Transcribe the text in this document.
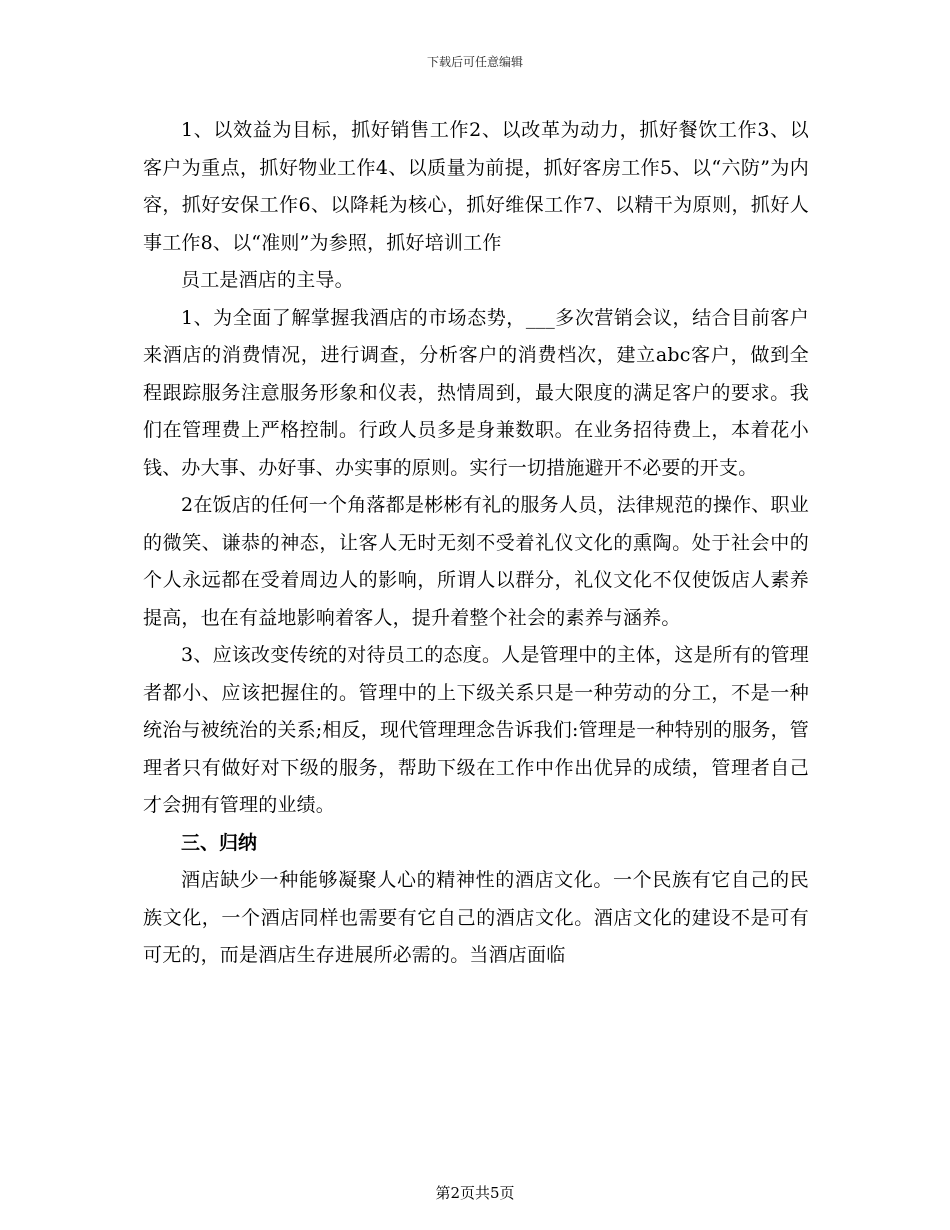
下载后可任意编辑

1、以效益为目标，抓好销售工作2、以改革为动力，抓好餐饮工作3、以客户为重点，抓好物业工作4、以质量为前提，抓好客房工作5、以“六防”为内容，抓好安保工作6、以降耗为核心，抓好维保工作7、以精干为原则，抓好人事工作8、以“准则”为参照，抓好培训工作

员工是酒店的主导。

1、为全面了解掌握我酒店的市场态势，___多次营销会议，结合目前客户来酒店的消费情况，进行调查，分析客户的消费档次，建立abc客户，做到全程跟踪服务注意服务形象和仪表，热情周到，最大限度的满足客户的要求。我们在管理费上严格控制。行政人员多是身兼数职。在业务招待费上，本着花小钱、办大事、办好事、办实事的原则。实行一切措施避开不必要的开支。

2在饭店的任何一个角落都是彬彬有礼的服务人员，法律规范的操作、职业的微笑、谦恭的神态，让客人无时无刻不受着礼仪文化的熏陶。处于社会中的个人永远都在受着周边人的影响，所谓人以群分，礼仪文化不仅使饭店人素养提高，也在有益地影响着客人，提升着整个社会的素养与涵养。

3、应该改变传统的对待员工的态度。人是管理中的主体，这是所有的管理者都小、应该把握住的。管理中的上下级关系只是一种劳动的分工，不是一种统治与被统治的关系;相反，现代管理理念告诉我们:管理是一种特别的服务，管理者只有做好对下级的服务，帮助下级在工作中作出优异的成绩，管理者自己才会拥有管理的业绩。

三、归纳

酒店缺少一种能够凝聚人心的精神性的酒店文化。一个民族有它自己的民族文化，一个酒店同样也需要有它自己的酒店文化。酒店文化的建设不是可有可无的，而是酒店生存进展所必需的。当酒店面临

第2页共5页
